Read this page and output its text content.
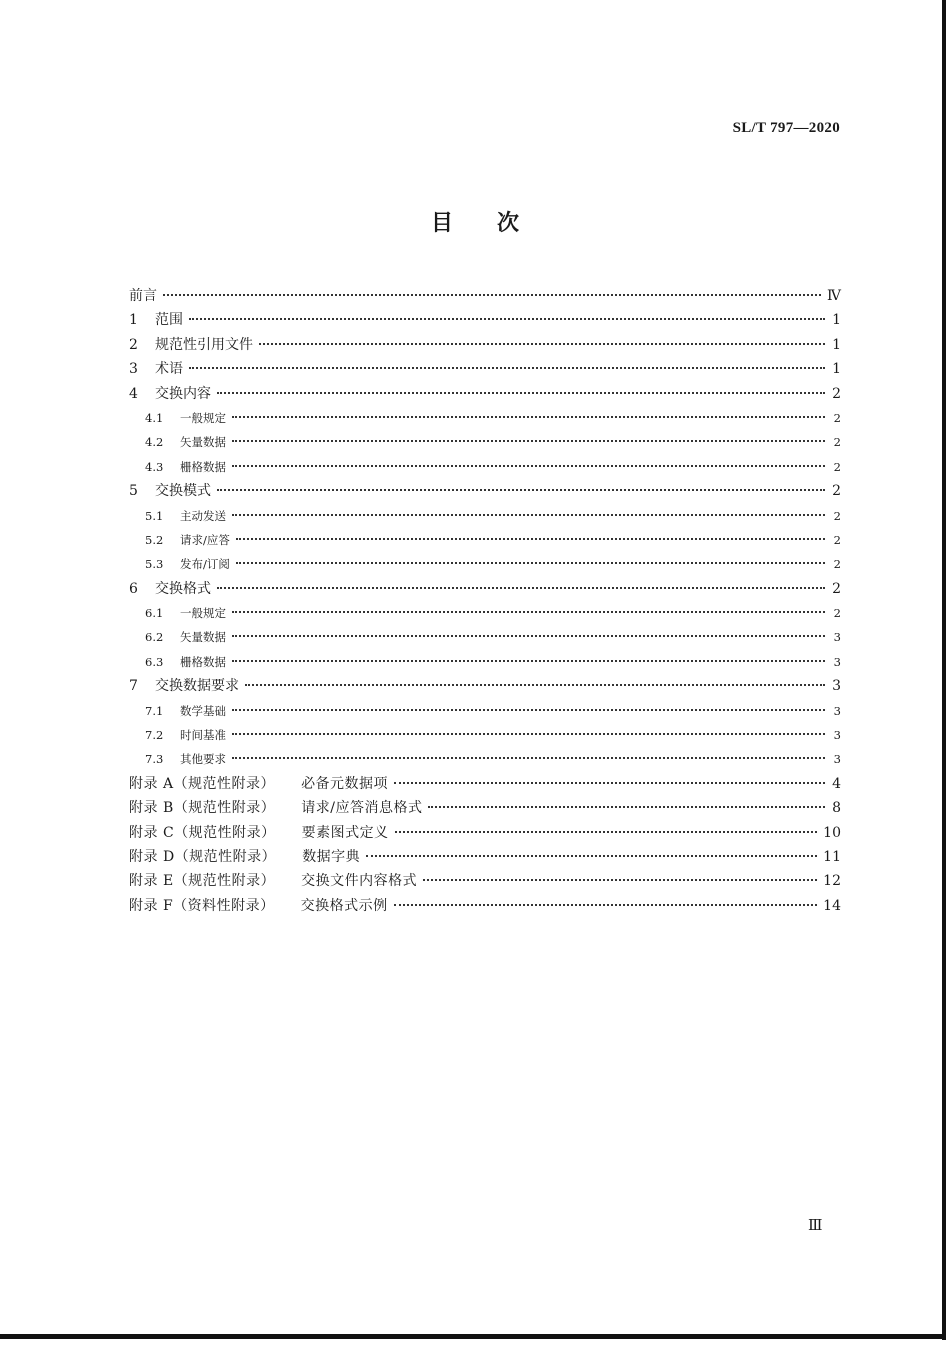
SL/T 797—2020
目 次
前言	Ⅳ
1	范围	1
2	规范性引用文件	1
3	术语	1
4	交换内容	2
4.1	一般规定	2
4.2	矢量数据	2
4.3	栅格数据	2
5	交换模式	2
5.1	主动发送	2
5.2	请求/应答	2
5.3	发布/订阅	2
6	交换格式	2
6.1	一般规定	2
6.2	矢量数据	3
6.3	栅格数据	3
7	交换数据要求	3
7.1	数学基础	3
7.2	时间基准	3
7.3	其他要求	3
附录 A（规范性附录） 必备元数据项	4
附录 B（规范性附录） 请求/应答消息格式	8
附录 C（规范性附录） 要素图式定义	10
附录 D（规范性附录） 数据字典	11
附录 E（规范性附录） 交换文件内容格式	12
附录 F（资料性附录） 交换格式示例	14
Ⅲ
